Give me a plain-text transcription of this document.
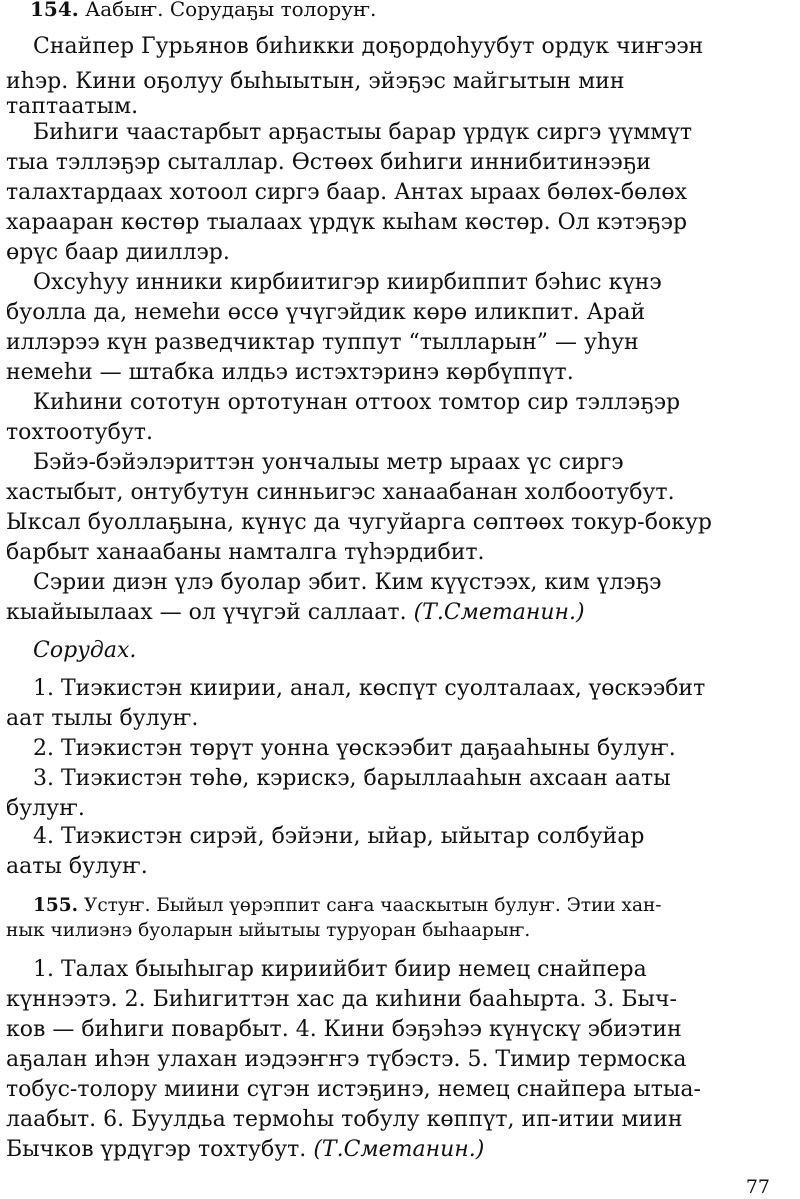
154. Аабыҥ. Сорудаҕы толоруҥ.
Снайпер Гурьянов биһикки доҕордоһуубут ордук чиҥээн
иһэр. Кини оҕолуу быһыытын, эйэҕэс майгытын мин
таптаатым.
Биһиги чаастарбыт арҕастыы барар үрдүк сиргэ үүммүт
тыа тэллэҕэр сыталлар. Өстөөх биһиги иннибитинээҕи
талахтардаах хотоол сиргэ баар. Антах ыраах бөлөх-бөлөх
харааран көстөр тыалаах үрдүк кыһам көстөр. Ол кэтэҕэр
өрүс баар дииллэр.
Охсуһуу инники кирбиитигэр киирбиппит бэһис күнэ
буолла да, немеһи өссө үчүгэйдик көрө иликпит. Арай
иллэрээ күн разведчиктар туппут “тылларын” — уһун
немеһи — штабка илдьэ истэхтэринэ көрбүппүт.
Киһини сототун ортотунан оттоох томтор сир тэллэҕэр
тохтоотубут.
Бэйэ-бэйэлэриттэн уончалыы метр ыраах үс сиргэ
хастыбыт, онтубутун синньигэс ханаабанан холбоотубут.
Ыксал буоллаҕына, күнүс да чугуйарга сөптөөх токур-бокур
барбыт ханаабаны намталга түһэрдибит.
Сэрии диэн үлэ буолар эбит. Ким күүстээх, ким үлэҕэ
кыайыылаах — ол үчүгэй саллаат. (Т.Сметанин.)
Сорудах.
1. Тиэкистэн киирии, анал, көспүт суолталаах, үөскээбит
аат тылы булуҥ.
2. Тиэкистэн төрүт уонна үөскээбит даҕааһыны булуҥ.
3. Тиэкистэн төһө, кэрискэ, барыллааһын ахсаан ааты
булуҥ.
4. Тиэкистэн сирэй, бэйэни, ыйар, ыйытар солбуйар
ааты булуҥ.
155. Устуҥ. Быйыл үөрэппит саҥа чааскытын булуҥ. Этии хан-
нык чилиэнэ буоларын ыйытыы туруоран быһаарыҥ.
1. Талах быыһыгар кириийбит биир немец снайпера
күннээтэ. 2. Биһигиттэн хас да киһини бааһырта. 3. Быч-
ков — биһиги поварбыт. 4. Кини бэҕэһээ күнүскү эбиэтин
аҕалан иһэн улахан иэдээҥҥэ түбэстэ. 5. Тимир термоска
тобус-толору миини сүгэн истэҕинэ, немец снайпера ытыа-
лаабыт. 6. Буулдьа термоһы тобулу көппүт, ип-итии миин
Бычков үрдүгэр тохтубут. (Т.Сметанин.)
77
